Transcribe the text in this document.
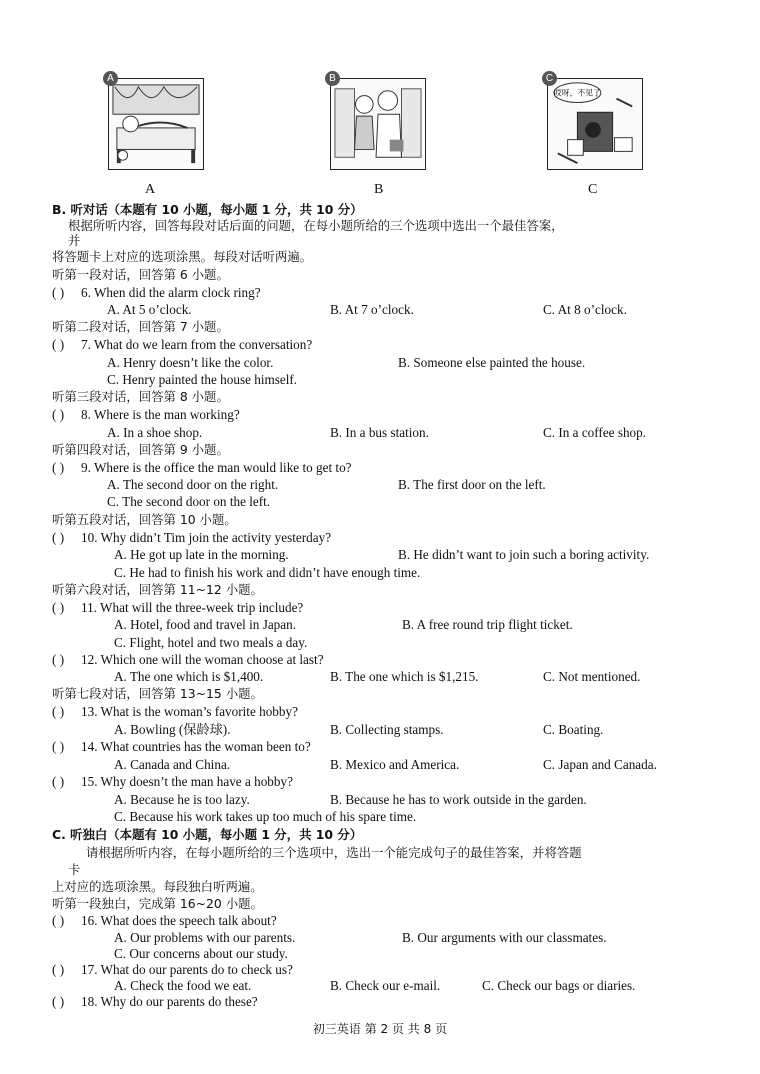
A	B	C
哎呀，不见了
A	B	C
B. 听对话（本题有 10 小题，每小题 1 分，共 10 分）
根据所听内容，回答每段对话后面的问题，在每小题所给的三个选项中选出一个最佳答案，
并
将答题卡上对应的选项涂黑。每段对话听两遍。
听第一段对话，回答第 6 小题。
( ) 6. When did the alarm clock ring?
A. At 5 o’clock.	B. At 7 o’clock.	C. At 8 o’clock.
听第二段对话，回答第 7 小题。
( ) 7. What do we learn from the conversation?
A. Henry doesn’t like the color.	B. Someone else painted the house.
C. Henry painted the house himself.
听第三段对话，回答第 8 小题。
( ) 8. Where is the man working?
A. In a shoe shop.	B. In a bus station.	C. In a coffee shop.
听第四段对话，回答第 9 小题。
( ) 9. Where is the office the man would like to get to?
A. The second door on the right.	B. The first door on the left.
C. The second door on the left.
听第五段对话，回答第 10 小题。
( ) 10. Why didn’t Tim join the activity yesterday?
A. He got up late in the morning.	B. He didn’t want to join such a boring activity.
C. He had to finish his work and didn’t have enough time.
听第六段对话，回答第 11~12 小题。
( ) 11. What will the three-week trip include?
A. Hotel, food and travel in Japan.	B. A free round trip flight ticket.
C. Flight, hotel and two meals a day.
( ) 12. Which one will the woman choose at last?
A. The one which is $1,400.	B. The one which is $1,215.	C. Not mentioned.
听第七段对话，回答第 13~15 小题。
( ) 13. What is the woman’s favorite hobby?
A. Bowling (保龄球).	B. Collecting stamps.	C. Boating.
( ) 14. What countries has the woman been to?
A. Canada and China.	B. Mexico and America.	C. Japan and Canada.
( ) 15. Why doesn’t the man have a hobby?
A. Because he is too lazy.	B. Because he has to work outside in the garden.
C. Because his work takes up too much of his spare time.
C. 听独白（本题有 10 小题，每小题 1 分，共 10 分）
请根据所听内容，在每小题所给的三个选项中，选出一个能完成句子的最佳答案，并将答题
卡
上对应的选项涂黑。每段独白听两遍。
听第一段独白，完成第 16~20 小题。
( ) 16. What does the speech talk about?
A. Our problems with our parents.	B. Our arguments with our classmates.
C. Our concerns about our study.
( ) 17. What do our parents do to check us?
A. Check the food we eat.	B. Check our e-mail.	C. Check our bags or diaries.
( ) 18. Why do our parents do these?
初三英语 第 2 页 共 8 页
